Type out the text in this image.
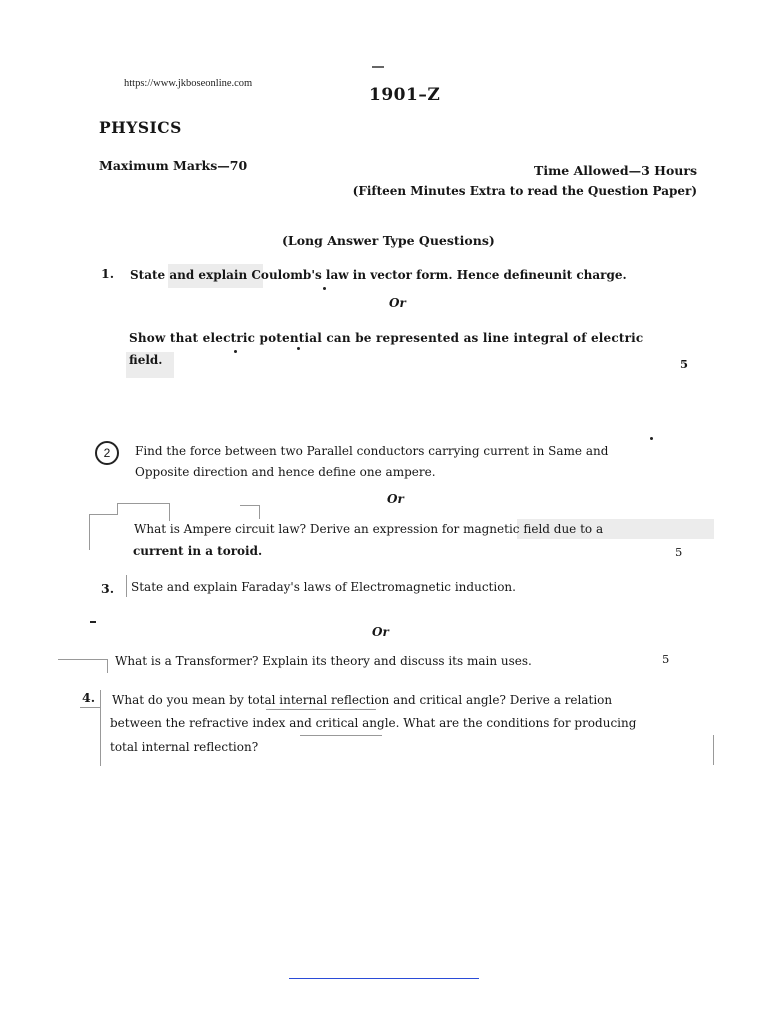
https://www.jkboseonline.com
1901–Z
PHYSICS
Maximum Marks—70	Time Allowed—3 Hours
(Fifteen Minutes Extra to read the Question Paper)
(Long Answer Type Questions)
1. State and explain Coulomb's law in vector form. Hence defineunit charge.
Or
Show that electric potential can be represented as line integral of electric
field.	5
2	Find the force between two Parallel conductors carrying current in Same and
Opposite direction and hence define one ampere.
Or
What is Ampere circuit law? Derive an expression for magnetic field due to a
current in a toroid.	5
3. State and explain Faraday's laws of Electromagnetic induction.
Or
What is a Transformer? Explain its theory and discuss its main uses.	5
4. What do you mean by total internal reflection and critical angle? Derive a relation
between the refractive index and critical angle. What are the conditions for producing
total internal reflection?
